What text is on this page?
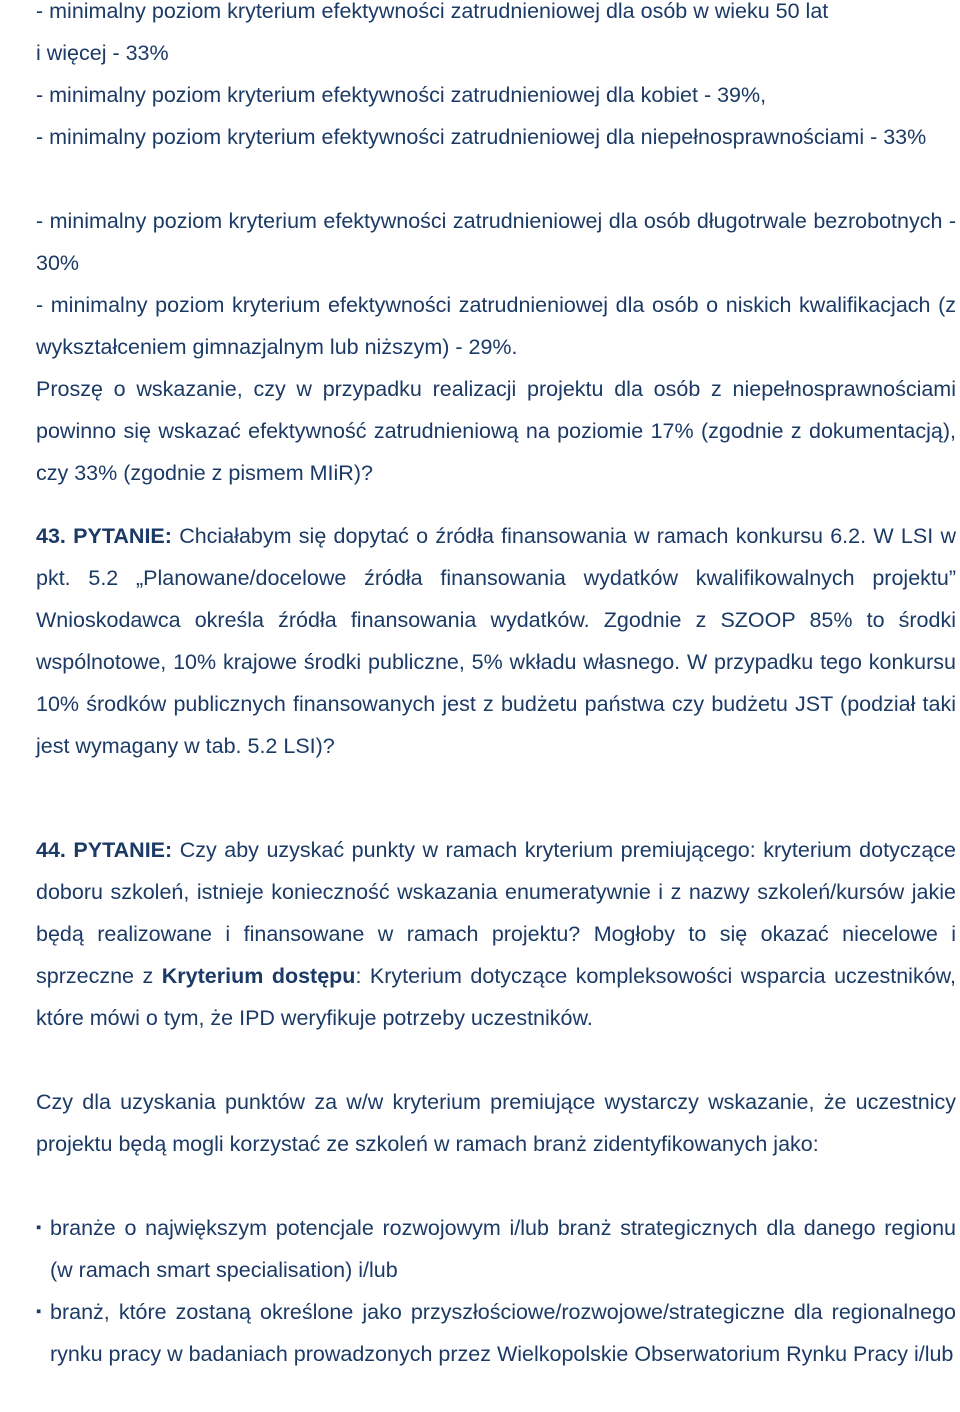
- minimalny poziom kryterium efektywności zatrudnieniowej dla osób w wieku 50 lat
i więcej - 33%
- minimalny poziom kryterium efektywności zatrudnieniowej dla kobiet - 39%,

- minimalny poziom kryterium efektywności zatrudnieniowej dla niepełnosprawnościami - 33%

- minimalny poziom kryterium efektywności zatrudnieniowej dla osób długotrwale bezrobotnych - 30%

- minimalny poziom kryterium efektywności zatrudnieniowej dla osób o niskich kwalifikacjach (z wykształceniem gimnazjalnym lub niższym) - 29%.

Proszę o wskazanie, czy w przypadku realizacji projektu dla osób z niepełnosprawnościami powinno się wskazać efektywność zatrudnieniową na poziomie 17% (zgodnie z dokumentacją), czy 33% (zgodnie z pismem MIiR)?

43. PYTANIE: Chciałabym się dopytać o źródła finansowania w ramach konkursu 6.2. W LSI w pkt. 5.2 „Planowane/docelowe źródła finansowania wydatków kwalifikowalnych projektu” Wnioskodawca określa źródła finansowania wydatków. Zgodnie z SZOOP 85% to środki wspólnotowe, 10% krajowe środki publiczne, 5% wkładu własnego. W przypadku tego konkursu 10% środków publicznych finansowanych jest z budżetu państwa czy budżetu JST (podział taki jest wymagany w tab. 5.2 LSI)?

44. PYTANIE: Czy aby uzyskać punkty w ramach kryterium premiującego: kryterium dotyczące doboru szkoleń, istnieje konieczność wskazania enumeratywnie i z nazwy szkoleń/kursów jakie będą realizowane i finansowane w ramach projektu? Mogłoby to się okazać niecelowe i sprzeczne z Kryterium dostępu: Kryterium dotyczące kompleksowości wsparcia uczestników, które mówi o tym, że IPD weryfikuje potrzeby uczestników.

Czy dla uzyskania punktów za w/w kryterium premiujące wystarczy wskazanie, że uczestnicy projektu będą mogli korzystać ze szkoleń w ramach branż zidentyfikowanych jako:

▪ branże o największym potencjale rozwojowym i/lub branż strategicznych dla danego regionu (w ramach smart specialisation) i/lub
▪ branż, które zostaną określone jako przyszłościowe/rozwojowe/strategiczne dla regionalnego rynku pracy w badaniach prowadzonych przez Wielkopolskie Obserwatorium Rynku Pracy i/lub
